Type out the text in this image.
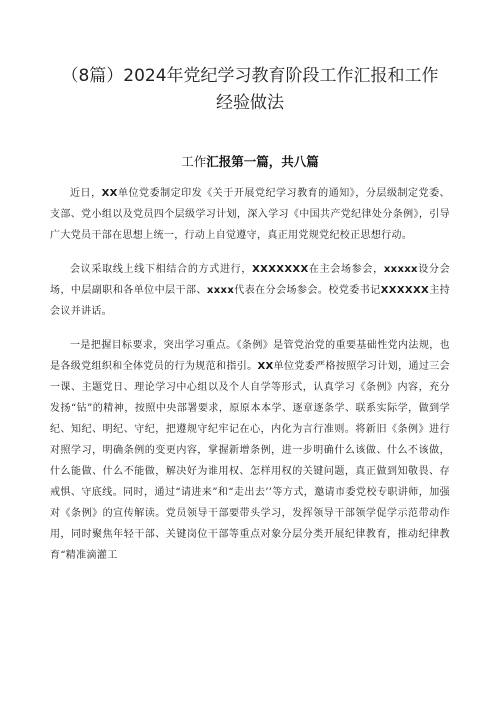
（8篇）2024年党纪学习教育阶段工作汇报和工作
经验做法
工作汇报第一篇，共八篇

近日，XX单位党委制定印发《关于开展党纪学习教育的通知》，分层级制定党委、支部、党小组以及党员四个层级学习计划，深入学习《中国共产党纪律处分条例》，引导广大党员干部在思想上统一，行动上自觉遵守，真正用党规党纪校正思想行动。

会议采取线上线下相结合的方式进行，XXXXXXX在主会场参会，xxxxx设分会场，中层副职和各单位中层干部、xxxx代表在分会场参会。校党委书记XXXXXX主持会议并讲话。

一是把握目标要求，突出学习重点。《条例》是管党治党的重要基础性党内法规，也是各级党组织和全体党员的行为规范和指引。XX单位党委严格按照学习计划，通过三会一课、主题党日、理论学习中心组以及个人自学等形式，认真学习《条例》内容，充分发扬“钻”的精神，按照中央部署要求，原原本本学、逐章逐条学、联系实际学，做到学纪、知纪、明纪、守纪，把遵规守纪牢记在心，内化为言行准则。将新旧《条例》进行对照学习，明确条例的变更内容，掌握新增条例，进一步明确什么该做、什么不该做，什么能做、什么不能做，解决好为谁用权、怎样用权的关键问题，真正做到知敬畏、存戒惧、守底线。同时，通过“请进来”和“走出去’’等方式，邀请市委党校专职讲师，加强对《条例》的宣传解读。党员领导干部要带头学习，发挥领导干部领学促学示范带动作用，同时聚焦年轻干部、关键岗位干部等重点对象分层分类开展纪律教育，推动纪律教育“精准滴灌工
